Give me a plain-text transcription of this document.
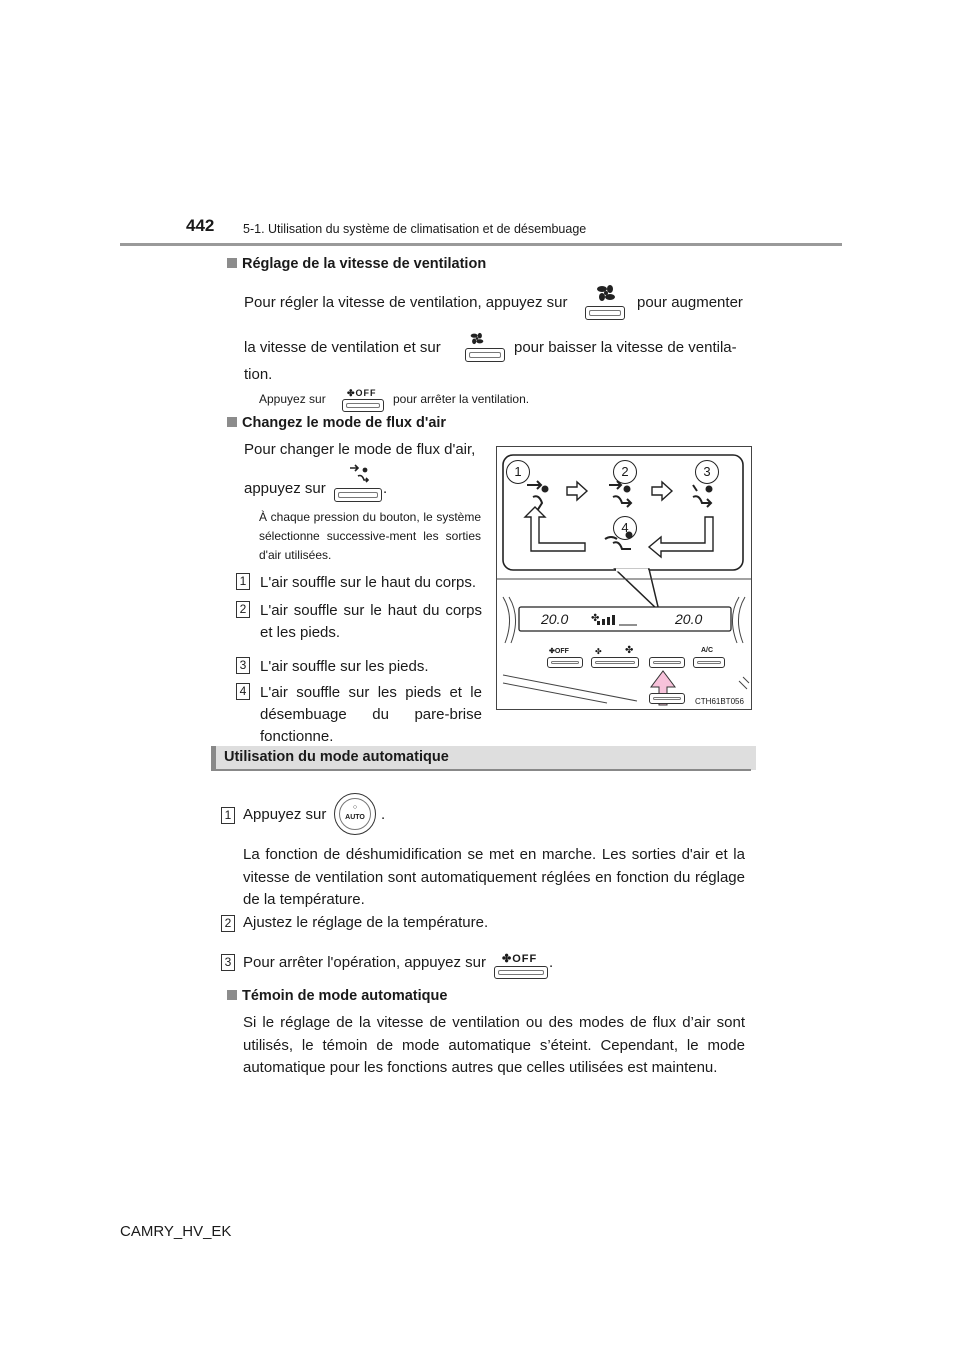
442 5-1. Utilisation du système de climatisation et de désembuage
Réglage de la vitesse de ventilation
Pour régler la vitesse de ventilation, appuyez sur	pour augmenter
la vitesse de ventilation et sur	pour baisser la vitesse de ventila-
tion.
Appuyez sur ✤OFF pour arrêter la ventilation.
Changez le mode de flux d'air
Pour changer le mode de flux d'air,
appuyez sur	.
À chaque pression du bouton, le système sélectionne successive-ment les sorties d'air utilisées.
1 L'air souffle sur le haut du corps.
2 L'air souffle sur le haut du corps et les pieds.
3 L'air souffle sur les pieds.
4 L'air souffle sur les pieds et le désembuage du pare-brise fonctionne.
1	2	3
4
20.0	20.0
✤
✤OFF	✤ ✤	A/C
CTH61BT056
Utilisation du mode automatique
1 Appuyez sur	○
AUTO	.
La fonction de déshumidification se met en marche. Les sorties d'air et la vitesse de ventilation sont automatiquement réglées en fonction du réglage de la température.
2 Ajustez le réglage de la température.
3 Pour arrêter l'opération, appuyez sur ✤OFF .
Témoin de mode automatique
Si le réglage de la vitesse de ventilation ou des modes de flux d’air sont utilisés, le témoin de mode automatique s’éteint. Cependant, le mode automatique pour les fonctions autres que celles utilisées est maintenu.
CAMRY_HV_EK
